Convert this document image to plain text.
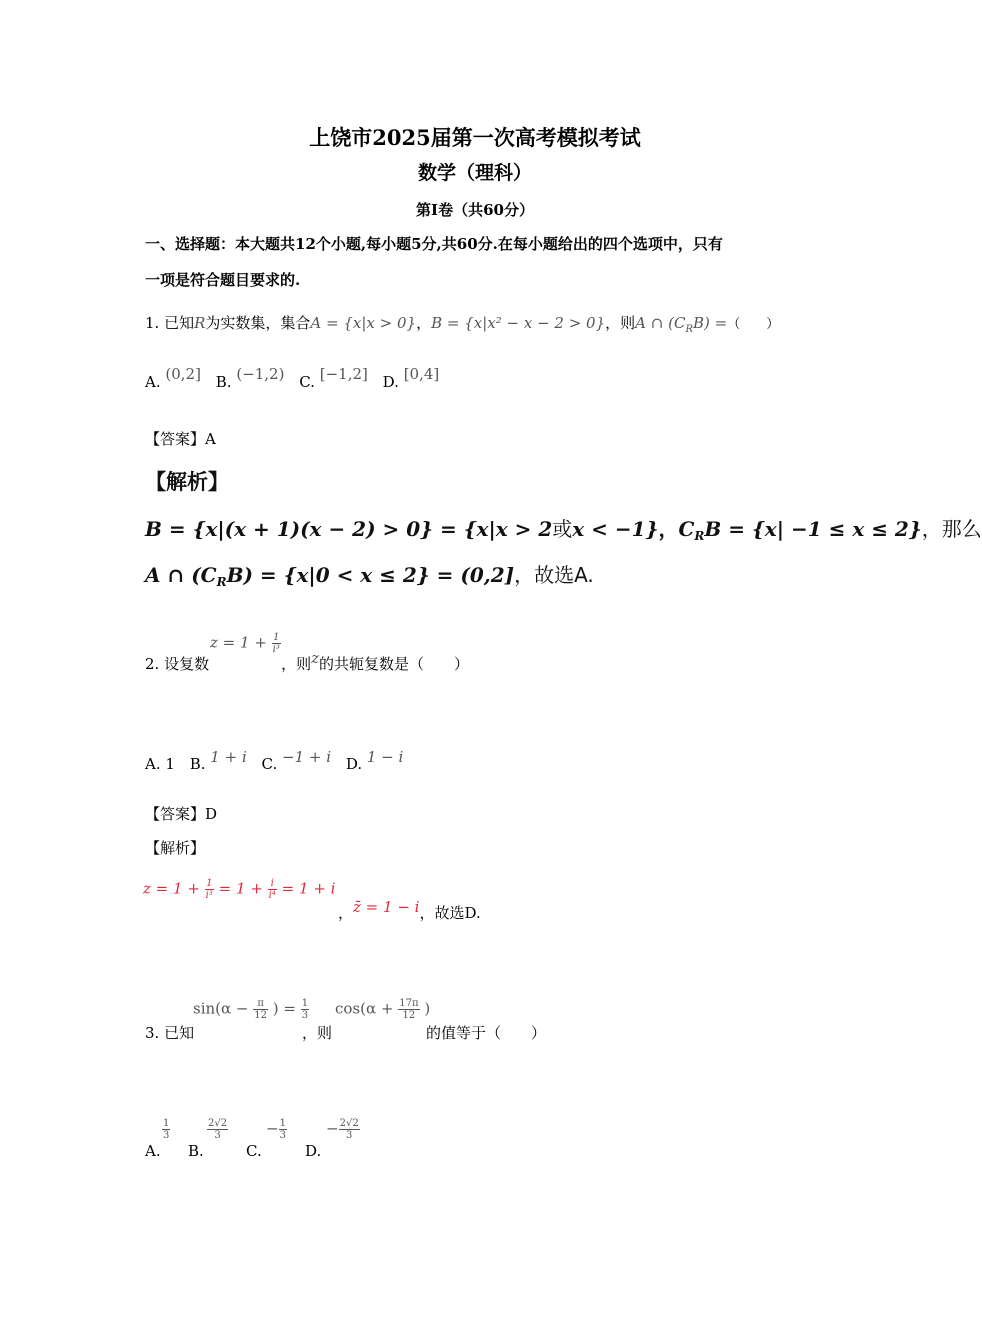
上饶市2025届第一次高考模拟考试
数学（理科）
第Ⅰ卷（共60分）
一、选择题：本大题共12个小题,每小题5分,共60分.在每小题给出的四个选项中，只有
一项是符合题目要求的.
1. 已知R为实数集，集合A = {x|x > 0}，B = {x|x² − x − 2 > 0}，则A ∩ $(C_RB)$ =（　　）
A. (0,2] B. (−1,2) C. [−1,2] D. [0,4]
【答案】A
【解析】
B = {x|(x + 1)(x − 2) > 0} = {x|x > 2或x < −1}，$C_RB = \{x| -1 \le x \le 2\}$，那么
A ∩ $(C_RB) = \{x|0 < x \le 2\} = (0,2]$，故选A.
$z = 1 + \frac{1}{\text{i³}}$
2. 设复数	，则z的共轭复数是（　　）
A. 1 B. 1 + i C. −1 + i D. 1 − i
【答案】D
【解析】
$z = 1 + \frac{1}{\text{i³}} = 1 + \frac{i}{\text{i⁴}} = 1 + i$
，z̄ = 1 − i，故选D.
$\sin(\alpha - \frac{\pi}{12}$ ) = $\frac{1}{3} \cos(\alpha + \frac{17\pi}{12}$ )
3. 已知	，则	的值等于（　　）
A.
$\frac{1}{3}$
B.
$\frac{2√2}{3}$
C.
− $\frac{1}{3}$
D.
− $\frac{2√2}{3}$
